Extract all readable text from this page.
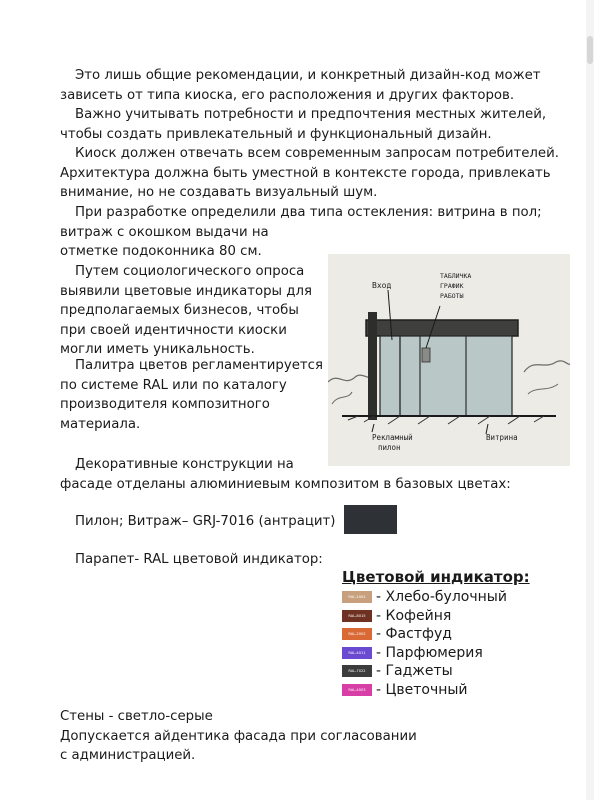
Это лишь общие рекомендации, и конкретный дизайн-код может
зависеть от типа киоска, его расположения и других факторов.
Важно учитывать потребности и предпочтения местных жителей,
чтобы создать привлекательный и функциональный дизайн.
Киоск должен отвечать всем современным запросам потребителей.
Архитектура должна быть уместной в контексте города, привлекать
внимание, но не создавать визуальный шум.
При разработке определили два типа остекления: витрина в пол;
витраж с окошком выдачи на
отметке подоконника 80 см.
Путем социологического опроса
выявили цветовые индикаторы для
предполагаемых бизнесов, чтобы
при своей идентичности киоски
могли иметь уникальность.
Палитра цветов регламентируется
по системе RAL или по каталогу
производителя композитного
материала.
Вход
ТАБЛИЧКА
ГРАФИК
РАБОТЫ
Рекламный
пилон
Витрина
Декоративные конструкции на
фасаде отделаны алюминиевым композитом в базовых цветах:
Пилон; Витраж– GRJ-7016 (антрацит)
Парапет- RAL цветовой индикатор:
Цветовой индикатор:
RAL-1001 - Хлебо-булочный
RAL-8015 - Кофейня
RAL-2002 - Фастфуд
RAL-4011 - Парфюмерия
RAL-7022 - Гаджеты
RAL-4003 - Цветочный
Стены - светло-серые
Допускается айдентика фасада при согласовании
с администрацией.
